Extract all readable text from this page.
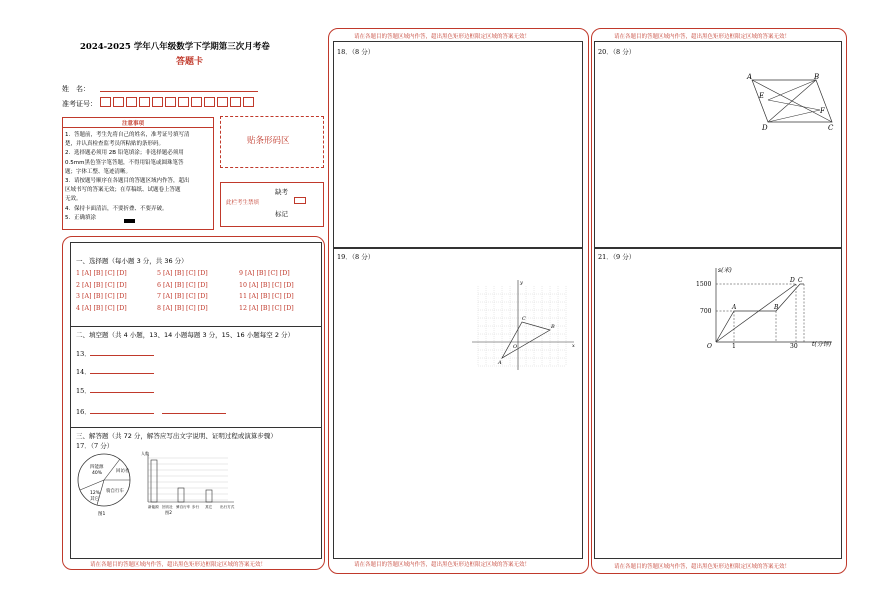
2024-2025 学年八年级数学下学期第三次月考卷
答题卡
姓　名：
准考证号：
注意事项
1．答题前，考生先将自己的姓名，准考证号填写清
楚，并认真检查监考员所粘贴的条形码。
2．选择题必须用 2B 铅笔填涂；非选择题必须用
0.5mm黑色签字笔答题，不得用铅笔或圆珠笔答
题；字体工整、笔迹清晰。
3．请按题号顺序在各题目的答题区域内作答，超出
区域书写的答案无效；在草稿纸、试题卷上答题
无效。
4．保持卡面清洁，不要折叠、不要弄破。
5．正确填涂
贴条形码区
缺考
此栏考生禁填
标记
一、选择题（每小题 3 分，共 36 分）
1 [A] [B] [C] [D]	5 [A] [B] [C] [D]	9 [A] [B] [C] [D]
2 [A] [B] [C] [D]	6 [A] [B] [C] [D]	10 [A] [B] [C] [D]
3 [A] [B] [C] [D]	7 [A] [B] [C] [D]	11 [A] [B] [C] [D]
4 [A] [B] [C] [D]	8 [A] [B] [C] [D]	12 [A] [B] [C] [D]
二、填空题（共 4 小题，13、14 小题每题 3 分，15、16 小题每空 2 分）
13．
14．
15．
16．
三、解答题（共 72 分，解答应写出文字说明、证明过程或演算步骤）
17．（7 分）
四能源
40%	回访社
骑自行车
12%
其它
图1
人数
新能源 回访社 骑自行车 步行 其它 出行方式
图2
请在各题目的答题区域内作答，超出黑色矩形边框限定区域的答案无效！
请在各题目的答题区域内作答，超出黑色矩形边框限定区域的答案无效！
18．（8 分）
19．（8 分）
y
x
O
A
B
C
请在各题目的答题区域内作答，超出黑色矩形边框限定区域的答案无效！
请在各题目的答题区域内作答，超出黑色矩形边框限定区域的答案无效！
20．（8 分）
A	B
E
F
D	C
21．（9 分）
s(米)
t(分钟)
1500
700
1	30
O
D C
A	B
请在各题目的答题区域内作答，超出黑色矩形边框限定区域的答案无效！
